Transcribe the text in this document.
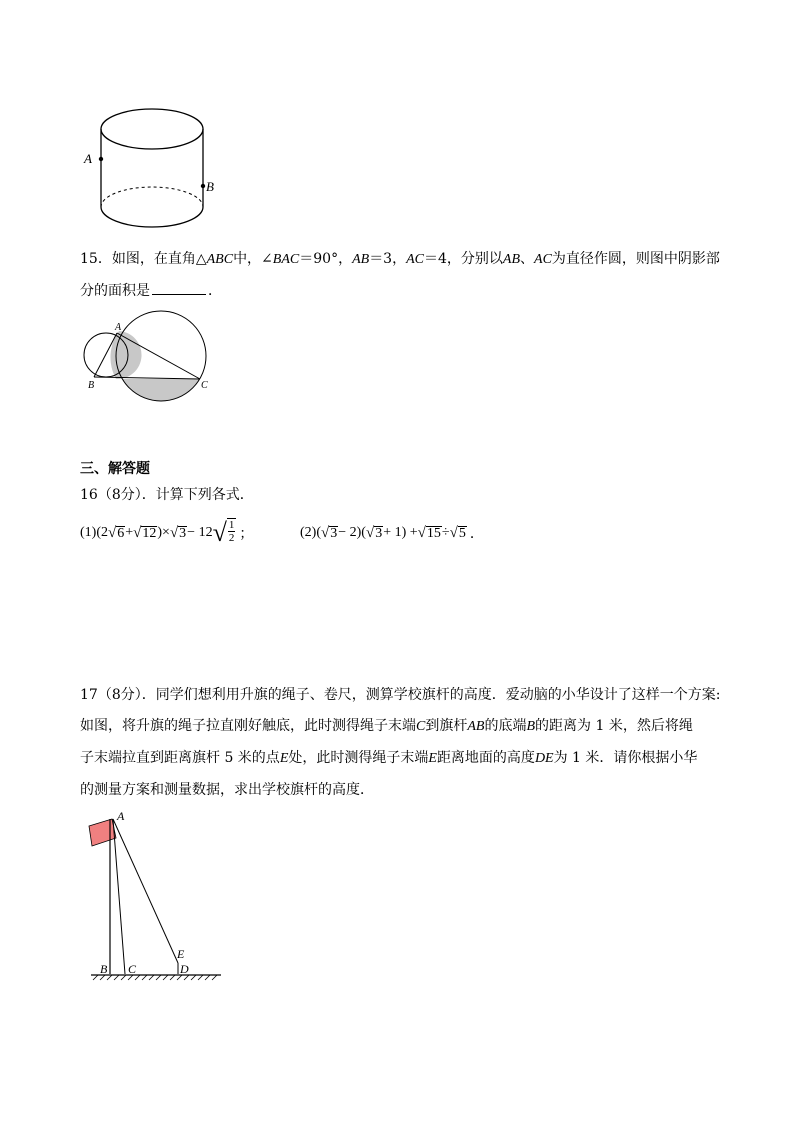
A
B
15．如图，在直角△ABC中，∠BAC＝90°，AB＝3，AC＝4，分别以AB、AC为直径作圆，则图中阴影部
分的面积是	．
A
B	C
三、解答题
16（8分）．计算下列各式．
(1)(2 √ 6 + √ 12 )× √ 3 − 12 √ $\frac{1}{2}$ ；	(2)( √ 3 − 2)( √ 3 + 1) + √ 15 ÷ √ 5 ．
17（8分）．同学们想利用升旗的绳子、卷尺，测算学校旗杆的高度．爱动脑的小华设计了这样一个方案:
如图，将升旗的绳子拉直刚好触底，此时测得绳子末端C到旗杆AB的底端B的距离为 1 米，然后将绳
子末端拉直到距离旗杆 5 米的点E处，此时测得绳子末端E距离地面的高度DE为 1 米．请你根据小华
的测量方案和测量数据，求出学校旗杆的高度．
A
B C	D
E
